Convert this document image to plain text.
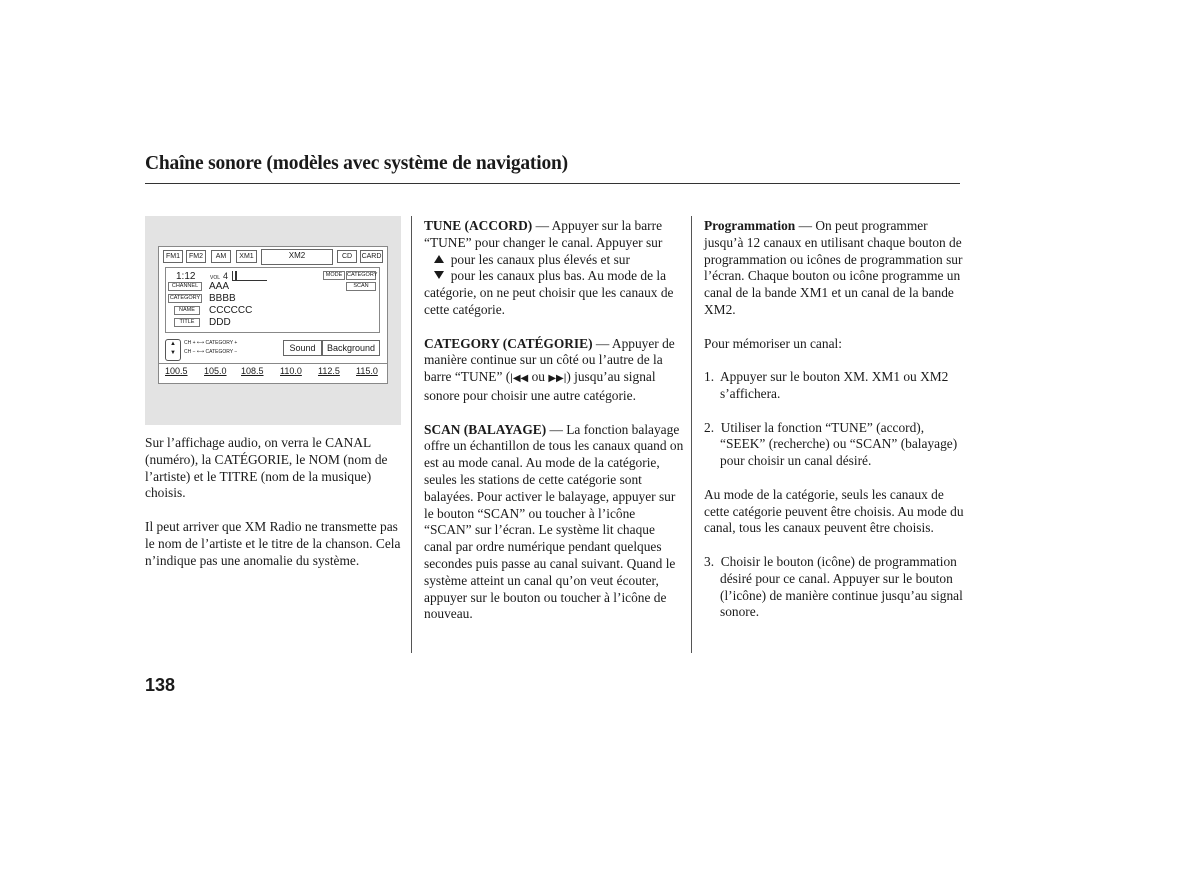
Chaîne sonore (modèles avec système de navigation)
FM1	FM2	AM	XM1	XM2	CD	CARD
1:12	VOL 4	MODE CATEGORY
SCAN
CHANNEL	AAA
CATEGORY BBBB
NAME	CCCCCC
TITLE	DDD
▲
▼
CH + ⟷ CATEGORY +
CH − ⟷ CATEGORY −	Sound	Background
100.5 105.0 108.5 110.0 112.5 115.0

Sur l’affichage audio, on verra le CANAL (numéro), la CATÉGORIE, le NOM (nom de l’artiste) et le TITRE (nom de la musique) choisis.

Il peut arriver que XM Radio ne transmette pas le nom de l’artiste et le titre de la chanson. Cela n’indique pas une anomalie du système.

TUNE (ACCORD) — Appuyer sur la barre “TUNE” pour changer le canal. Appuyer sur

pour les canaux plus élevés et sur

pour les canaux plus bas. Au mode de la catégorie, on ne peut choisir que les canaux de cette catégorie.

CATEGORY (CATÉGORIE) — Appuyer de manière continue sur un côté ou l’autre de la barre “TUNE” (|◀◀ ou ▶▶|) jusqu’au signal sonore pour choisir une autre catégorie.

SCAN (BALAYAGE) — La fonction balayage offre un échantillon de tous les canaux quand on est au mode canal. Au mode de la catégorie, seules les stations de cette catégorie sont balayées. Pour activer le balayage, appuyer sur le bouton “SCAN” ou toucher à l’icône “SCAN” sur l’écran. Le système lit chaque canal par ordre numérique pendant quelques secondes puis passe au canal suivant. Quand le système atteint un canal qu’on veut écouter, appuyer sur le bouton ou toucher à l’icône de nouveau.

Programmation — On peut programmer jusqu’à 12 canaux en utilisant chaque bouton de programmation ou icônes de programmation sur l’écran. Chaque bouton ou icône programme un canal de la bande XM1 et un canal de la bande XM2.

Pour mémoriser un canal:

1.  Appuyer sur le bouton XM. XM1 ou XM2 s’affichera.

2.  Utiliser la fonction “TUNE” (accord), “SEEK” (recherche) ou “SCAN” (balayage) pour choisir un canal désiré.

Au mode de la catégorie, seuls les canaux de cette catégorie peuvent être choisis. Au mode du canal, tous les canaux peuvent être choisis.

3.  Choisir le bouton (icône) de programmation désiré pour ce canal. Appuyer sur le bouton (l’icône) de manière continue jusqu’au signal sonore.

138
